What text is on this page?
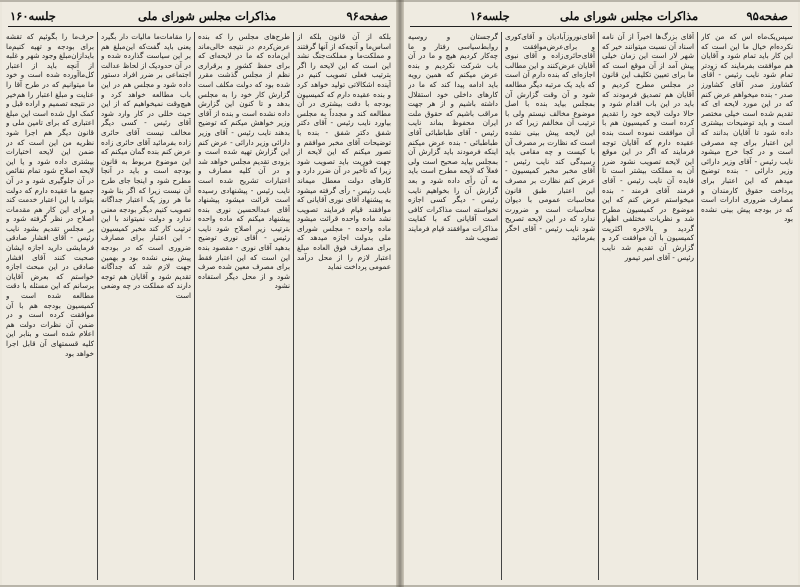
جلسه‌۱۶۰	مذاکرات مجلس شورای ملی	صفحه‌۹۶

حرف‌ما را بگوئیم که تقشه برای بودجه و تهیه کنیم‌ما بایدازان‌مبلغ وجود شهر و غلبه از آنچه باید از اعتبار کل‌ماآورده شده است و خود ما میتوانیم که در طرح آقا را عنایت و مبلغ اعتبار را هم‌خیر در نتیجه تصمیم و اراده قبل و کمک اول شده است این مبلغ اعتباری که برای تامین ملی و قانون دیگر هم اجرا شود نظریه من این است که در ضمن این لایحه اختیارات بیشتری داده شود و یا این لایحه اصلاح شود تمام نقائص در آن جلوگیری شود و در آن جمیع ما عقیده دارم که دولت بتواند با این اعتبار خدمت کند و برای این کار هم مقدمات اصلاح در نظر گرفته شود و بر مجلس تقدیم بشود نایب رئیس - آقای افشار صادقی فرمایشی دارید اجازه ایشان صحبت کنند آقای افشار صادقی در این مبحث اجازه خواستم که بعرض آقایان برسانم که این مسئله با دقت مطالعه شده است و کمیسیون بودجه هم با آن موافقت کرده است و در ضمن آن نظرات دولت هم اعلام شده است و بنابر این کلیه قسمتهای آن قابل اجرا خواهد بود

را مقامات‌ما مالیات دار بگیرد یعنی باید گفت‌که این‌مبلغ هم بر این سیاست گذارده شده و در آن حدود‌یک از لحاظ عدالت اجتماعی بر ضرر افراد دستور داده شود و مجلس هم در این باب مطالعه خواهد کرد و هیچ‌وقت نمیخواهیم که از این حیث خللی در کار وارد شود آقای رئیس - کسی دیگر مخالف نیست آقای حائری زاده بفرمائید آقای حائری زاده عرض کنم بنده گمان میکنم که این موضوع مربوط به قانون بودجه است و باید در آنجا مطرح شود و اینجا جای طرح آن نیست زیرا که اگر بنا شود ما هر روز یک اعتبار جداگانه تصویب کنیم دیگر بودجه معنی ندارد و دولت نمیتواند با این ترتیب کار کند مخبر کمیسیون - این اعتبار برای مصارف ضروری است که در بودجه پیش بینی نشده بود و بهمین جهت لازم شد که جداگانه تقدیم شود و آقایان هم توجه دارند که مملکت در چه وضعی است

طرح‌های مجلس را که بنده عرض‌کردم در نتیجه خالی‌ماند این‌ماده که ما در لایحه‌ای که برای حفظ کشور و برقراری نظم از مجلس گذشت مقرر شده بود که دولت مکلف است گزارش کار خود را به مجلس بدهد و تا کنون این گزارش داده نشده است و بنده از آقای وزیر خواهش میکنم که توضیح بدهند نایب رئیس - آقای وزیر دارائی وزیر دارائی - عرض کنم این گزارش تهیه شده است و بزودی تقدیم مجلس خواهد شد و در آن کلیه مصارف و اعتبارات تشریح شده است نایب رئیس - پیشنهادی رسیده است قرائت میشود پیشنهاد آقای عبدالحسین نوری بنده پیشنهاد میکنم که ماده واحده بترتیب زیر اصلاح شود نایب رئیس - آقای نوری توضیح بدهید آقای نوری - مقصود بنده این است که این اعتبار فقط برای مصرف معین شده صرف شود و از محل دیگر استفاده نشود

بلکه از آن قانون بلکه از اساس‌ما و آنچه‌که از آنها گرفتند و مملکت‌ما و مملکت‌جنگ نشد این است که این لایحه را اگر بترتیب فعلی تصویب کنیم در آینده اشکالاتی تولید خواهد کرد و بنده عقیده دارم که کمیسیون بودجه با دقت بیشتری در آن مطالعه کند و مجدداً به مجلس بیاورد نایب رئیس - آقای دکتر شفق دکتر شفق - بنده با توضیحات آقای مخبر موافقم و تصور میکنم که این لایحه از جهت فوریت باید تصویب شود زیرا که تأخیر در آن ضرر دارد و کارهای دولت معطل میماند نایب رئیس - رأی گرفته میشود به پیشنهاد آقای نوری آقایانی که موافقند قیام فرمایند تصویب نشد ماده واحده قرائت میشود ماده واحده - مجلس شورای ملی بدولت اجازه میدهد که برای مصارف فوق العاده مبلغ اعتبار لازم را از محل درآمد عمومی پرداخت نماید

جلسه‌۱۶	مذاکرات مجلس شورای ملی	صفحه‌۹۵

گرجستان و روسیه روابط‌سیاسی رفتار و ما چه‌کار کردیم هیچ و ما در آن باب شرکت نکردیم و بنده عرض میکنم که همین رویه باید ادامه پیدا کند که ما در کارهای داخلی خود استقلال داشته باشیم و از هر جهت مراقب باشیم که حقوق ملت ایران محفوظ بماند نایب رئیس - آقای طباطبائی آقای طباطبائی - بنده عرض میکنم اینکه فرمودند باید گزارش آن بمجلس بیاید صحیح است ولی فعلاً که لایحه مطرح است باید به آن رأی داده شود و بعد گزارش آن را بخواهیم نایب رئیس - دیگر کسی اجازه نخواسته است مذاکرات کافی است آقایانی که با کفایت مذاکرات موافقند قیام فرمایند تصویب شد

آقای‌نوروز‌آبادیان و آقای‌کوری و برای‌عرض‌موافقت و آقای‌حائری‌زاده و آقای نبوی آقایان عرض‌کنند و این مطالب اجازه‌ای که بنده دارم آن است که باید یک مرتبه دیگر مطالعه شود و آن وقت گزارش آن بمجلس بیاید بنده با اصل موضوع مخالف نیستم ولی با ترتیب آن مخالفم زیرا که در این لایحه پیش بینی نشده است که نظارت بر مصرف آن با کیست و چه مقامی باید رسیدگی کند نایب رئیس - آقای مخبر مخبر کمیسیون - عرض کنم نظارت بر مصرف این اعتبار طبق قانون محاسبات عمومی با دیوان محاسبات است و ضرورت ندارد که در این لایحه تصریح شود نایب رئیس - آقای اخگر بفرمائید

آقای بزرگ‌ها اخیراً از آن نامه اسناد آن نسبت میتوانند خیر که شهر لار است این زمان خیلی پیش آمد از آن موقع است که ما برای تعیین تکلیف این قانون در مجلس مطرح کردیم و آقایان هم تصدیق فرمودند که باید در این باب اقدام شود و حالا دولت لایحه خود را تقدیم کرده است و کمیسیون هم با آن موافقت نموده است بنده عقیده دارم که آقایان توجه فرمایند که اگر در این موقع این لایحه تصویب نشود ضرر آن به مملکت بیشتر است تا فایده آن نایب رئیس - آقای فرمند آقای فرمند - بنده میخواستم عرض کنم که این موضوع در کمیسیون مطرح شد و نظریات مختلفی اظهار گردید و بالاخره اکثریت کمیسیون با آن موافقت کرد و گزارش آن تقدیم شد نایب رئیس - آقای امیر تیمور

سپس‌یک‌ماه‌ اس‌ که‌ من‌ کار نکرده‌ام خیال ما این است که این کار باید تمام شود و آقایان هم موافقت بفرمایند که زودتر تمام شود نایب رئیس - آقای کشاورز صدر آقای کشاورز صدر - بنده میخواهم عرض کنم که در این مورد لایحه ای که تقدیم شده است خیلی مختصر است و باید توضیحات بیشتری داده شود تا آقایان بدانند که این اعتبار برای چه مصرفی است و در کجا خرج میشود نایب رئیس - آقای وزیر دارائی وزیر دارائی - بنده توضیح میدهم که این اعتبار برای پرداخت حقوق کارمندان و مصارف ضروری ادارات است که در بودجه پیش بینی نشده بود
